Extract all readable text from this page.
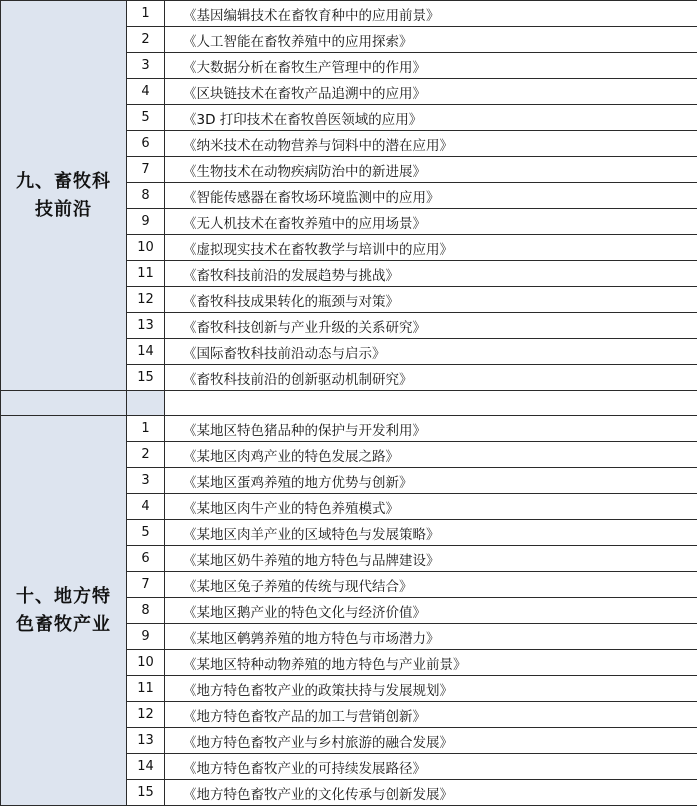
九、畜牧科
技前沿	1	《基因编辑技术在畜牧育种中的应用前景》
	2	《人工智能在畜牧养殖中的应用探索》
	3	《大数据分析在畜牧生产管理中的作用》
	4	《区块链技术在畜牧产品追溯中的应用》
	5	《3D 打印技术在畜牧兽医领域的应用》
	6	《纳米技术在动物营养与饲料中的潜在应用》
	7	《生物技术在动物疾病防治中的新进展》
	8	《智能传感器在畜牧场环境监测中的应用》
	9	《无人机技术在畜牧养殖中的应用场景》
	10	《虚拟现实技术在畜牧教学与培训中的应用》
	11	《畜牧科技前沿的发展趋势与挑战》
	12	《畜牧科技成果转化的瓶颈与对策》
	13	《畜牧科技创新与产业升级的关系研究》
	14	《国际畜牧科技前沿动态与启示》
	15	《畜牧科技前沿的创新驱动机制研究》

十、地方特
色畜牧产业	1	《某地区特色猪品种的保护与开发利用》
	2	《某地区肉鸡产业的特色发展之路》
	3	《某地区蛋鸡养殖的地方优势与创新》
	4	《某地区肉牛产业的特色养殖模式》
	5	《某地区肉羊产业的区域特色与发展策略》
	6	《某地区奶牛养殖的地方特色与品牌建设》
	7	《某地区兔子养殖的传统与现代结合》
	8	《某地区鹅产业的特色文化与经济价值》
	9	《某地区鹌鹑养殖的地方特色与市场潜力》
	10	《某地区特种动物养殖的地方特色与产业前景》
	11	《地方特色畜牧产业的政策扶持与发展规划》
	12	《地方特色畜牧产品的加工与营销创新》
	13	《地方特色畜牧产业与乡村旅游的融合发展》
	14	《地方特色畜牧产业的可持续发展路径》
	15	《地方特色畜牧产业的文化传承与创新发展》
